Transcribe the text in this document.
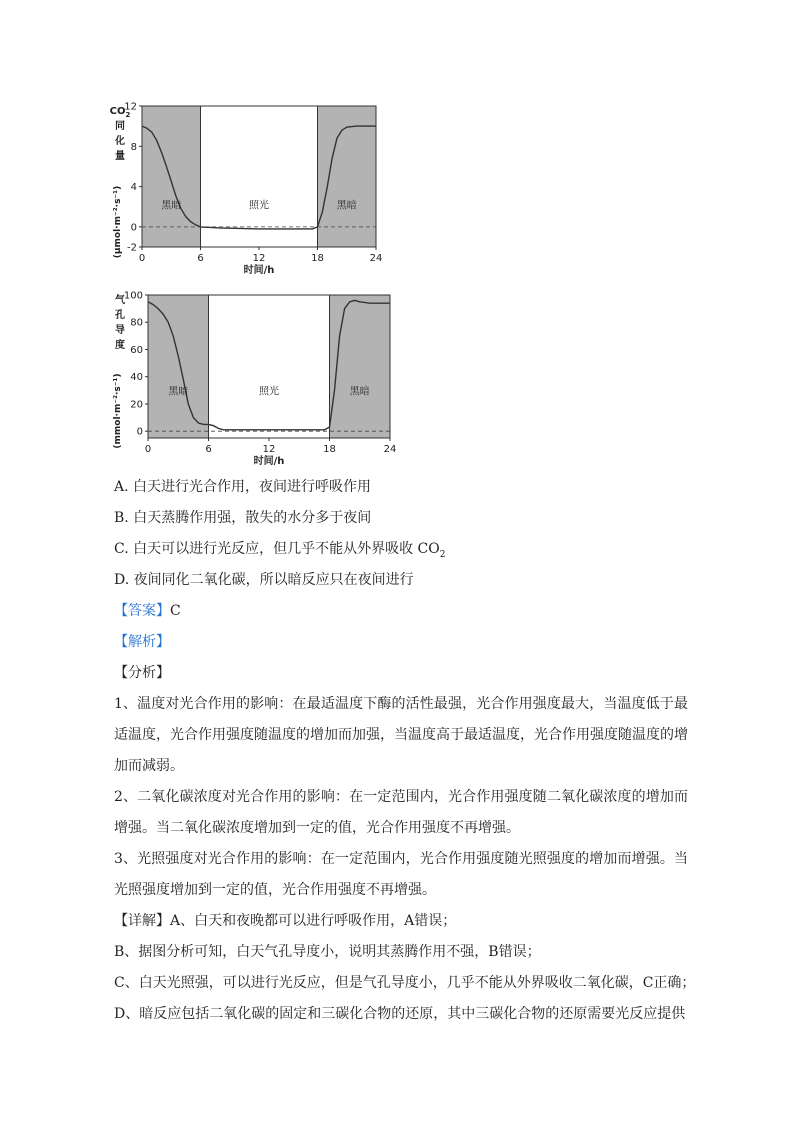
黑暗	照光	黑暗
0	6	12	18	24
-2
0
4
8
12
时间/h
$CO_2$
同
化
量
(μmol·m⁻²·s⁻¹)
黑暗	照光	黑暗
0	6	12	18	24
0
20
40
60
80
100
时间/h
气
孔
导
度
(mmol·m⁻²·s⁻¹)
A. 白天进行光合作用，夜间进行呼吸作用
B. 白天蒸腾作用强，散失的水分多于夜间
C. 白天可以进行光反应，但几乎不能从外界吸收 $CO_2$
D. 夜间同化二氧化碳，所以暗反应只在夜间进行
【答案】C
【解析】
【分析】
1、温度对光合作用的影响：在最适温度下酶的活性最强，光合作用强度最大，当温度低于最适温度，光合作用强度随温度的增加而加强，当温度高于最适温度，光合作用强度随温度的增加而减弱。
2、二氧化碳浓度对光合作用的影响：在一定范围内，光合作用强度随二氧化碳浓度的增加而增强。当二氧化碳浓度增加到一定的值，光合作用强度不再增强。
3、光照强度对光合作用的影响：在一定范围内，光合作用强度随光照强度的增加而增强。当光照强度增加到一定的值，光合作用强度不再增强。
【详解】A、白天和夜晚都可以进行呼吸作用，A错误；
B、据图分析可知，白天气孔导度小，说明其蒸腾作用不强，B错误；
C、白天光照强，可以进行光反应，但是气孔导度小，几乎不能从外界吸收二氧化碳，C正确；
D、暗反应包括二氧化碳的固定和三碳化合物的还原，其中三碳化合物的还原需要光反应提供
